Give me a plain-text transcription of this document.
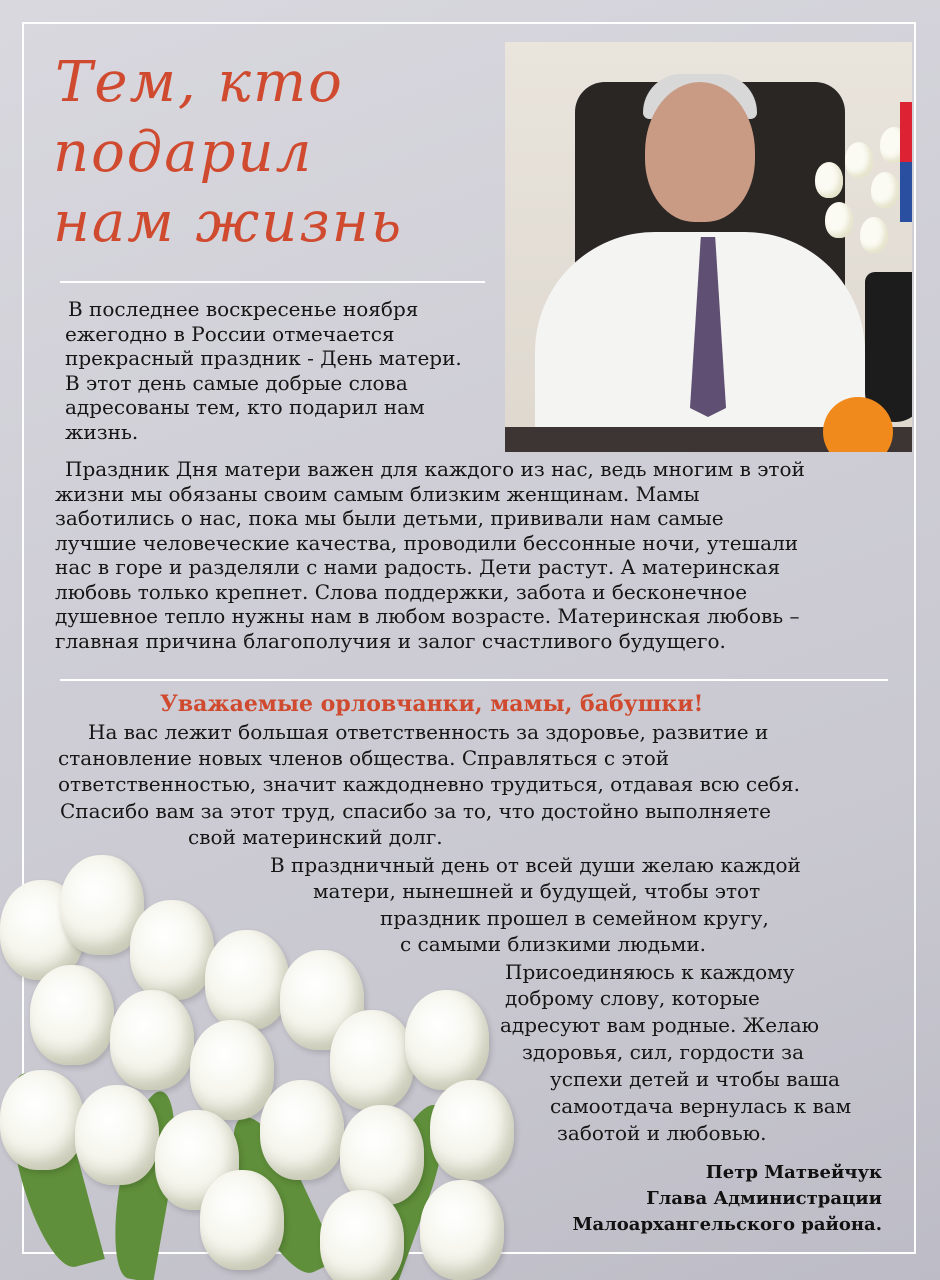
Тем, кто
подарил
нам жизнь
В последнее воскресенье ноября
ежегодно в России отмечается
прекрасный праздник - День матери.
В этот день самые добрые слова
адресованы тем, кто подарил нам
жизнь.
Праздник Дня матери важен для каждого из нас, ведь многим в этой
жизни мы обязаны своим самым близким женщинам. Мамы
заботились о нас, пока мы были детьми, прививали нам самые
лучшие человеческие качества, проводили бессонные ночи, утешали
нас в горе и разделяли с нами радость. Дети растут. А материнская
любовь только крепнет. Слова поддержки, забота и бесконечное
душевное тепло нужны нам в любом возрасте. Материнская любовь –
главная причина благополучия и залог счастливого будущего.
Уважаемые орловчанки, мамы, бабушки!
На вас лежит большая ответственность за здоровье, развитие и
становление новых членов общества. Справляться с этой
ответственностью, значит каждодневно трудиться, отдавая всю себя.
Спасибо вам за этот труд, спасибо за то, что достойно выполняете
свой материнский долг.
В праздничный день от всей души желаю каждой
матери, нынешней и будущей, чтобы этот
праздник прошел в семейном кругу,
с самыми близкими людьми.
Присоединяюсь к каждому
доброму слову, которые
адресуют вам родные. Желаю
здоровья, сил, гордости за
успехи детей и чтобы ваша
самоотдача вернулась к вам
заботой и любовью.
Петр Матвейчук
Глава Администрации
Малоархангельского района.
